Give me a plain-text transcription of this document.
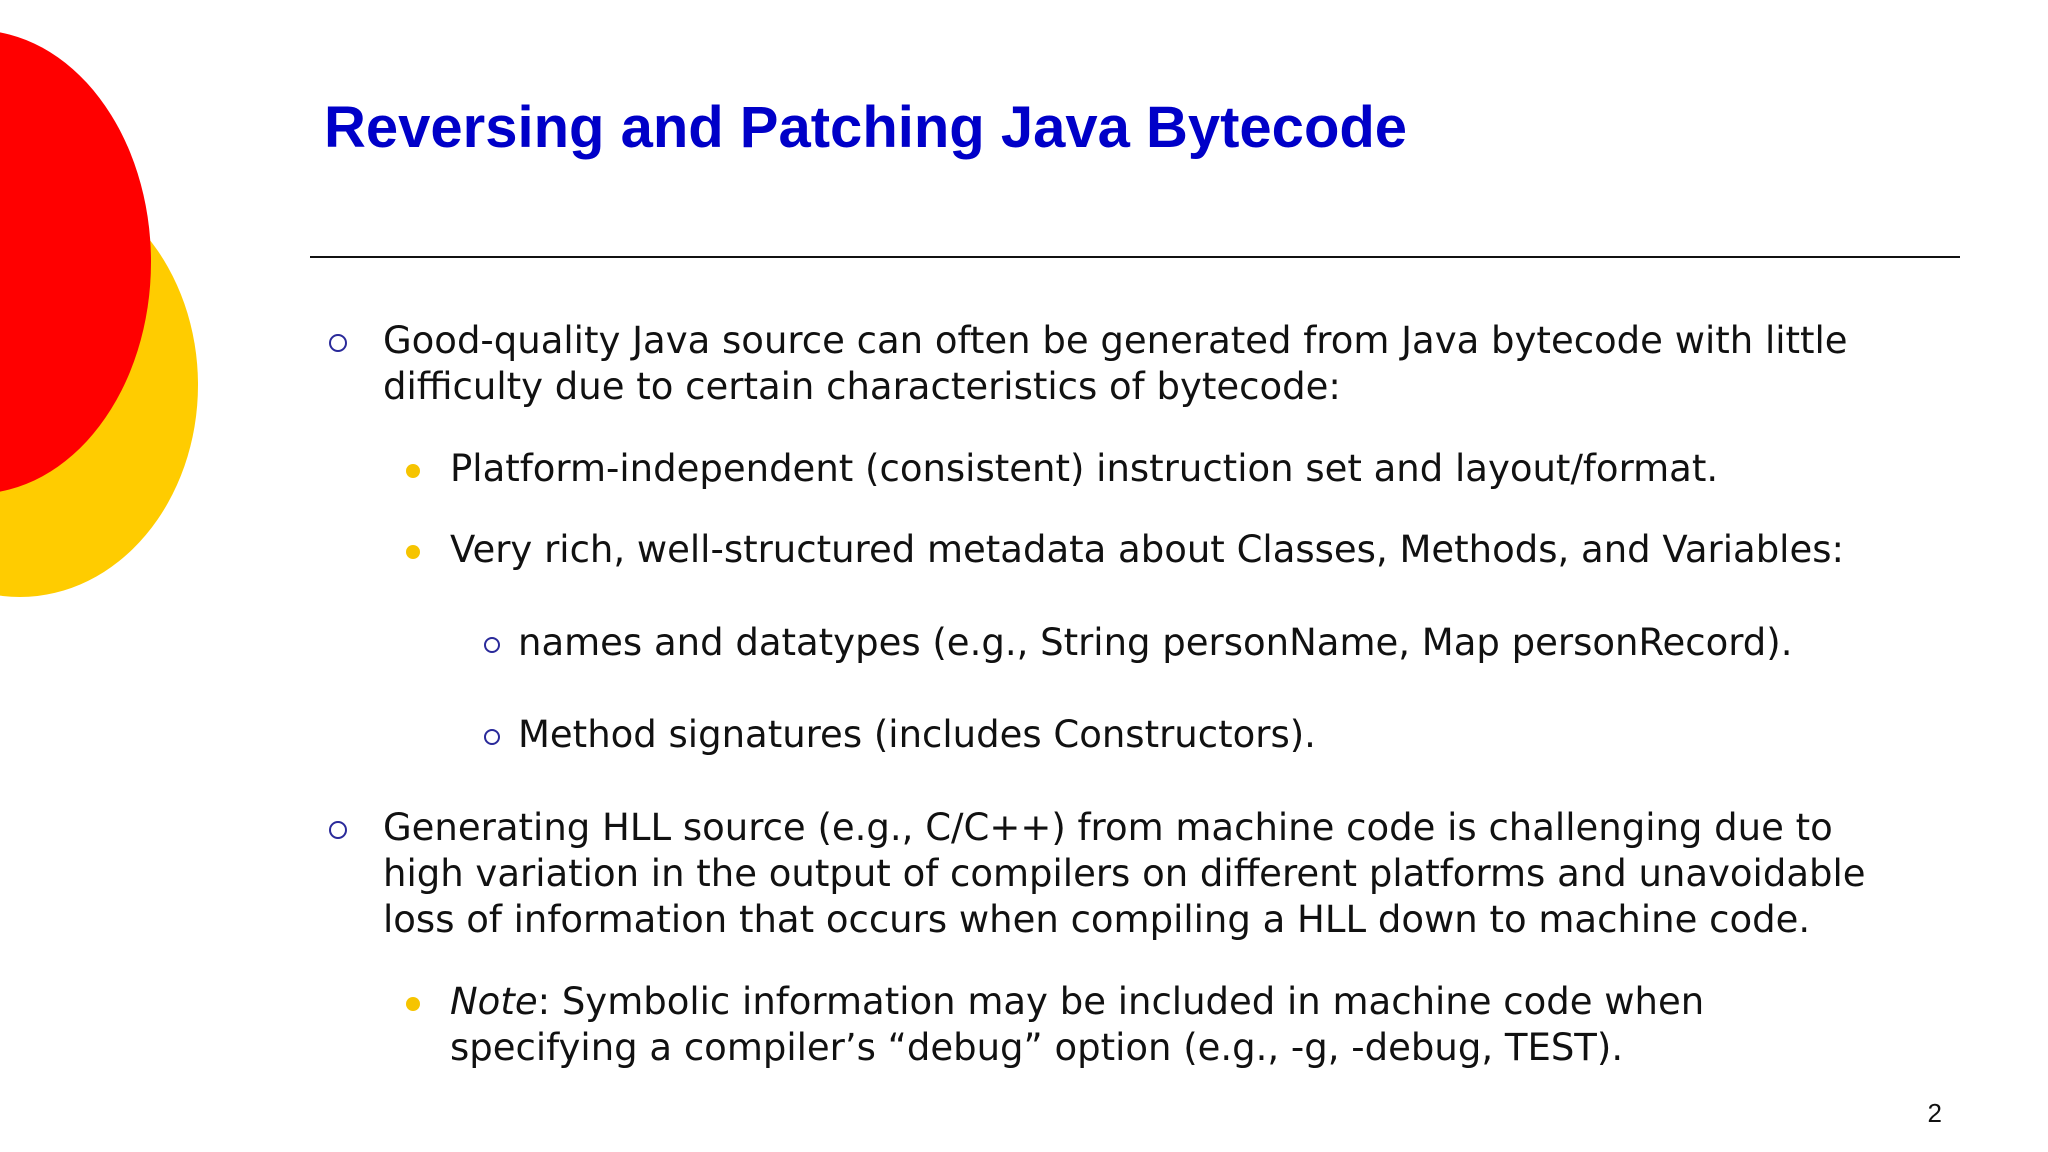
Reversing and Patching Java Bytecode
Good-quality Java source can often be generated from Java bytecode with little
difficulty due to certain characteristics of bytecode:
Platform-independent (consistent) instruction set and layout/format.
Very rich, well-structured metadata about Classes, Methods, and Variables:
names and datatypes (e.g., String personName, Map personRecord).
Method signatures (includes Constructors).
Generating HLL source (e.g., C/C++) from machine code is challenging due to
high variation in the output of compilers on different platforms and unavoidable
loss of information that occurs when compiling a HLL down to machine code.
Note: Symbolic information may be included in machine code when
specifying a compiler’s “debug” option (e.g., -g, -debug, TEST).
2
